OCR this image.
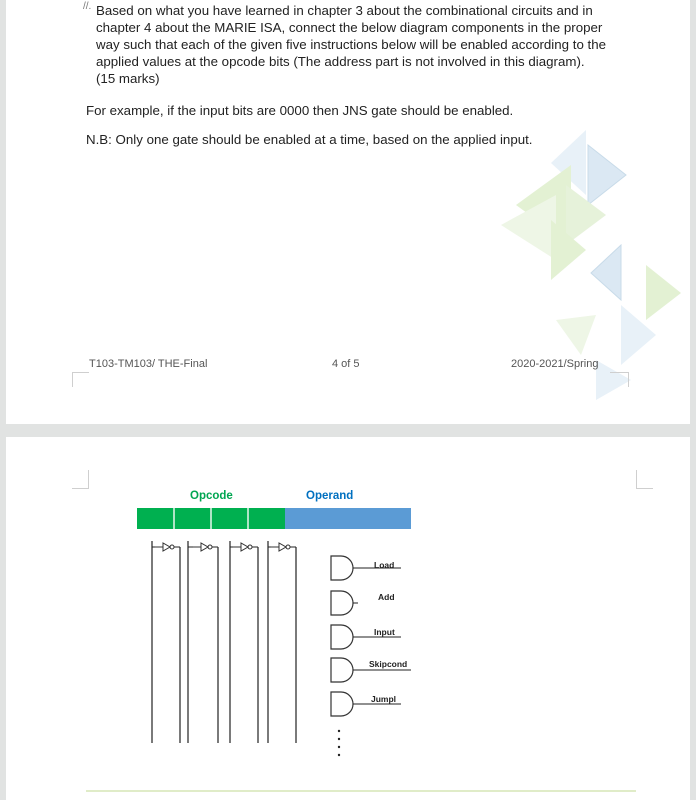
//. Based on what you have learned in chapter 3 about the combinational circuits and in
chapter 4 about the MARIE ISA, connect the below diagram components in the proper
way such that each of the given five instructions below will be enabled according to the
applied values at the opcode bits (The address part is not involved in this diagram).
(15 marks)
For example, if the input bits are 0000 then JNS gate should be enabled.
N.B: Only one gate should be enabled at a time, based on the applied input.
T103-TM103/ THE-Final	4 of 5	2020-2021/Spring
Opcode	Operand
Load
Add
Input
Skipcond
Jumpl
